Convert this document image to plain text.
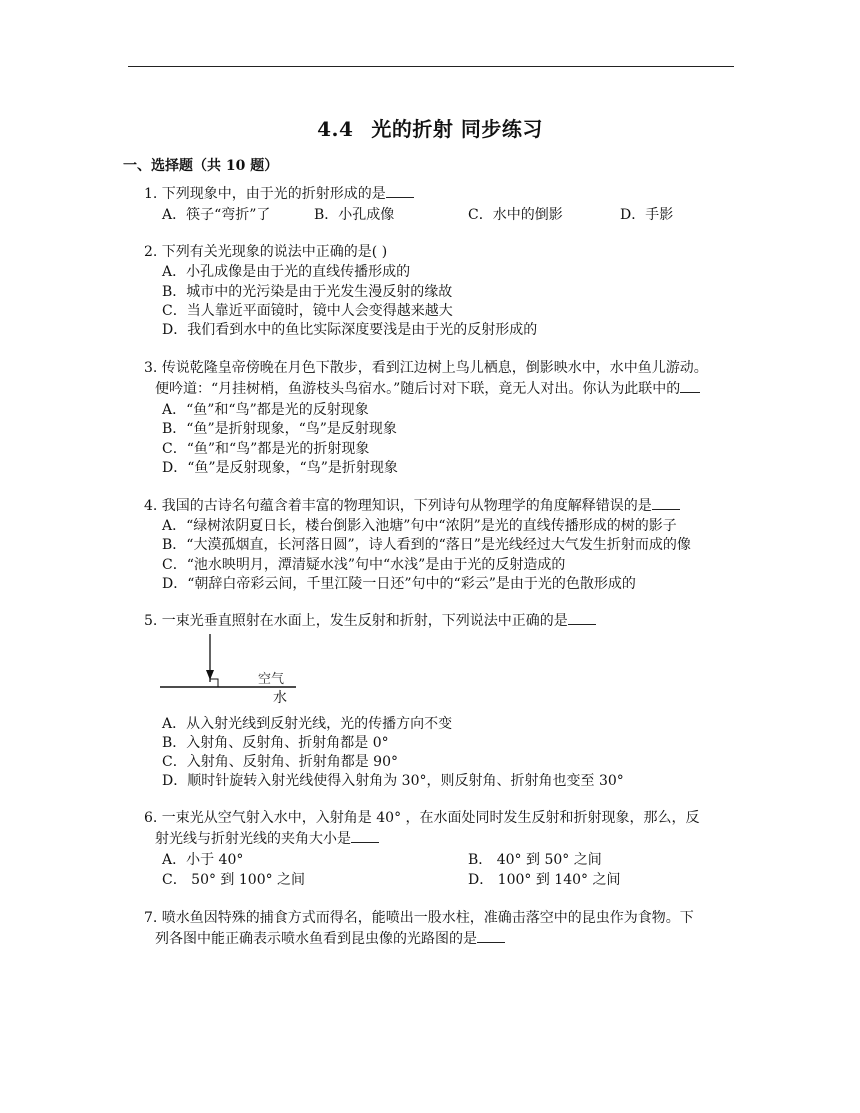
4.4 光的折射 同步练习
一、选择题（共 10 题）
1. 下列现象中，由于光的折射形成的是
A．筷子“弯折”了	B．小孔成像	C．水中的倒影	D．手影
2. 下列有关光现象的说法中正确的是( )
A．小孔成像是由于光的直线传播形成的
B．城市中的光污染是由于光发生漫反射的缘故
C．当人靠近平面镜时，镜中人会变得越来越大
D．我们看到水中的鱼比实际深度要浅是由于光的反射形成的
3. 传说乾隆皇帝傍晚在月色下散步，看到江边树上鸟儿栖息，倒影映水中，水中鱼儿游动。
便吟道：“月挂树梢，鱼游枝头鸟宿水。”随后讨对下联，竟无人对出。你认为此联中的
A．“鱼”和“鸟”都是光的反射现象
B．“鱼”是折射现象，“鸟”是反射现象
C．“鱼”和“鸟”都是光的折射现象
D．“鱼”是反射现象，“鸟”是折射现象
4. 我国的古诗名句蕴含着丰富的物理知识，下列诗句从物理学的角度解释错误的是
A．“绿树浓阴夏日长，楼台倒影入池塘”句中“浓阴”是光的直线传播形成的树的影子
B．“大漠孤烟直，长河落日圆”，诗人看到的“落日”是光线经过大气发生折射而成的像
C．“池水映明月，潭清疑水浅”句中“水浅”是由于光的反射造成的
D．“朝辞白帝彩云间，千里江陵一日还”句中的“彩云”是由于光的色散形成的
5. 一束光垂直照射在水面上，发生反射和折射，下列说法中正确的是
空气
水
A．从入射光线到反射光线，光的传播方向不变
B．入射角、反射角、折射角都是 0°
C．入射角、反射角、折射角都是 90°
D．顺时针旋转入射光线使得入射角为 30°，则反射角、折射角也变至 30°
6. 一束光从空气射入水中，入射角是 40° ，在水面处同时发生反射和折射现象，那么，反
射光线与折射光线的夹角大小是
A．小于 40°	B． 40° 到 50° 之间
C． 50° 到 100° 之间	D． 100° 到 140° 之间
7. 喷水鱼因特殊的捕食方式而得名，能喷出一股水柱，准确击落空中的昆虫作为食物。下
列各图中能正确表示喷水鱼看到昆虫像的光路图的是
